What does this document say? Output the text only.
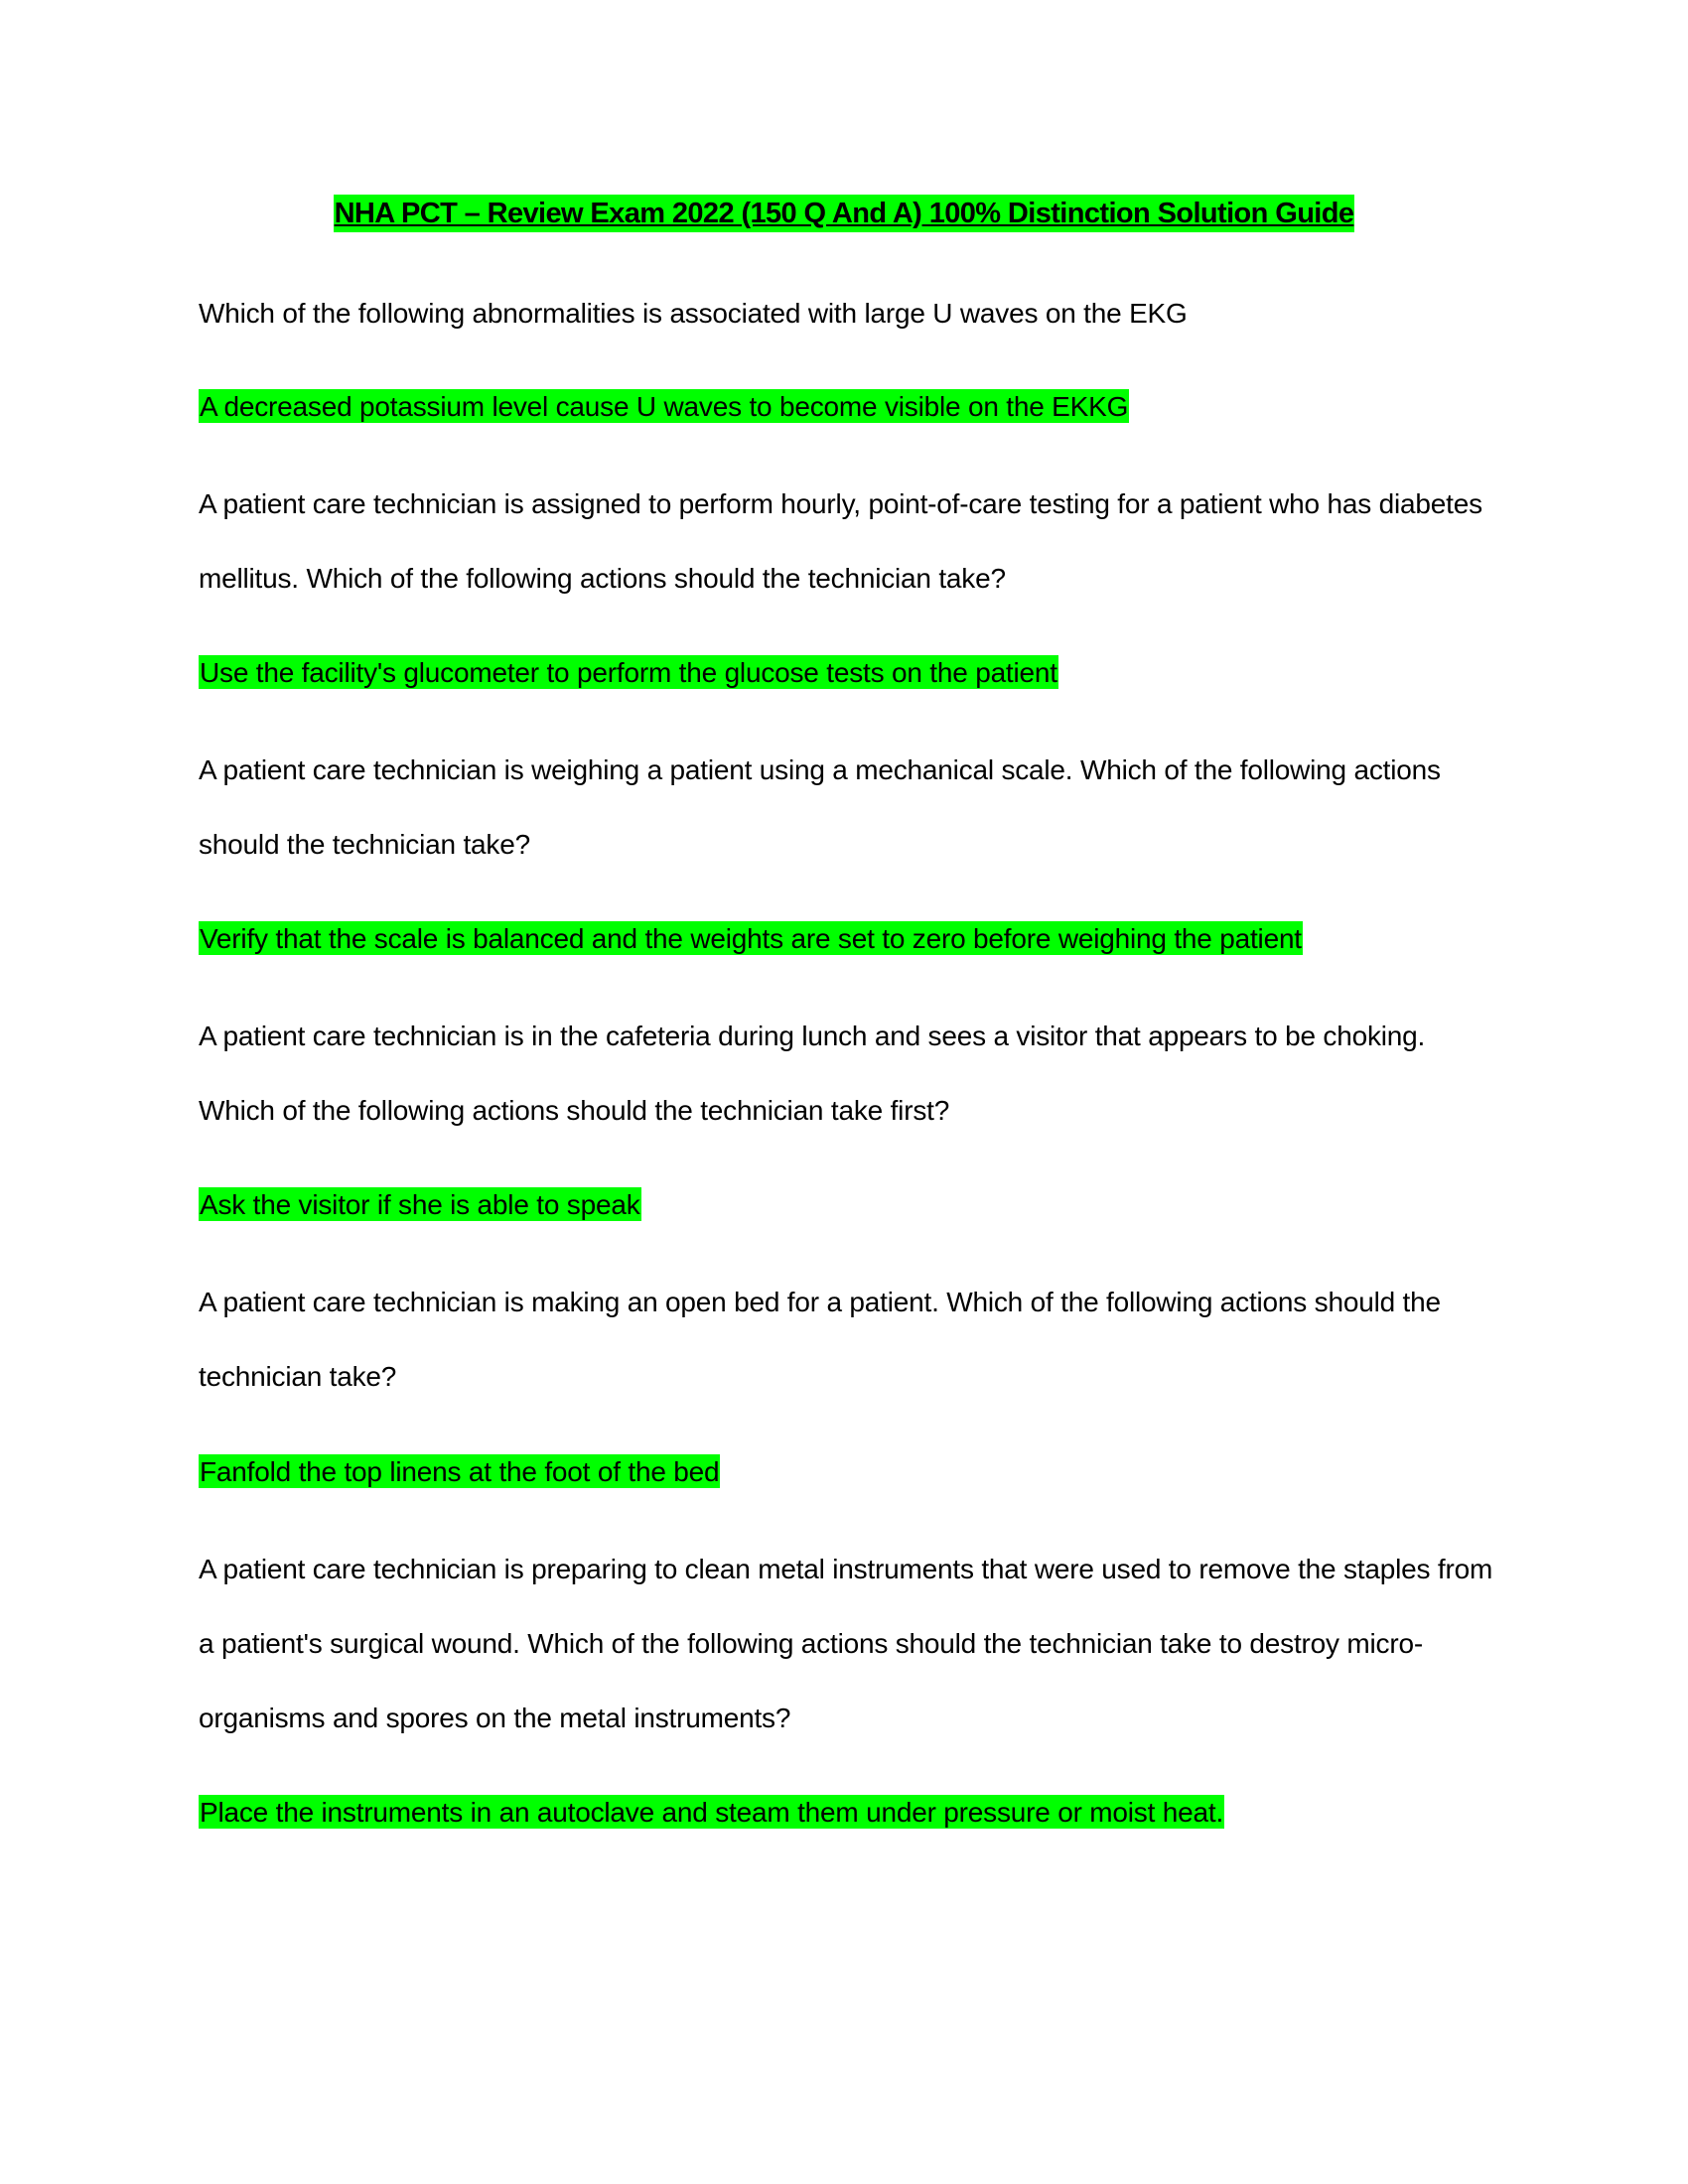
NHA PCT – Review Exam 2022 (150 Q And A) 100% Distinction Solution Guide
Which of the following abnormalities is associated with large U waves on the EKG
A decreased potassium level cause U waves to become visible on the EKKG
A patient care technician is assigned to perform hourly, point-of-care testing for a patient who has diabetes mellitus. Which of the following actions should the technician take?
Use the facility's glucometer to perform the glucose tests on the patient
A patient care technician is weighing a patient using a mechanical scale. Which of the following actions should the technician take?
Verify that the scale is balanced and the weights are set to zero before weighing the patient
A patient care technician is in the cafeteria during lunch and sees a visitor that appears to be choking. Which of the following actions should the technician take first?
Ask the visitor if she is able to speak
A patient care technician is making an open bed for a patient. Which of the following actions should the technician take?
Fanfold the top linens at the foot of the bed
A patient care technician is preparing to clean metal instruments that were used to remove the staples from a patient's surgical wound. Which of the following actions should the technician take to destroy micro-organisms and spores on the metal instruments?
Place the instruments in an autoclave and steam them under pressure or moist heat.
